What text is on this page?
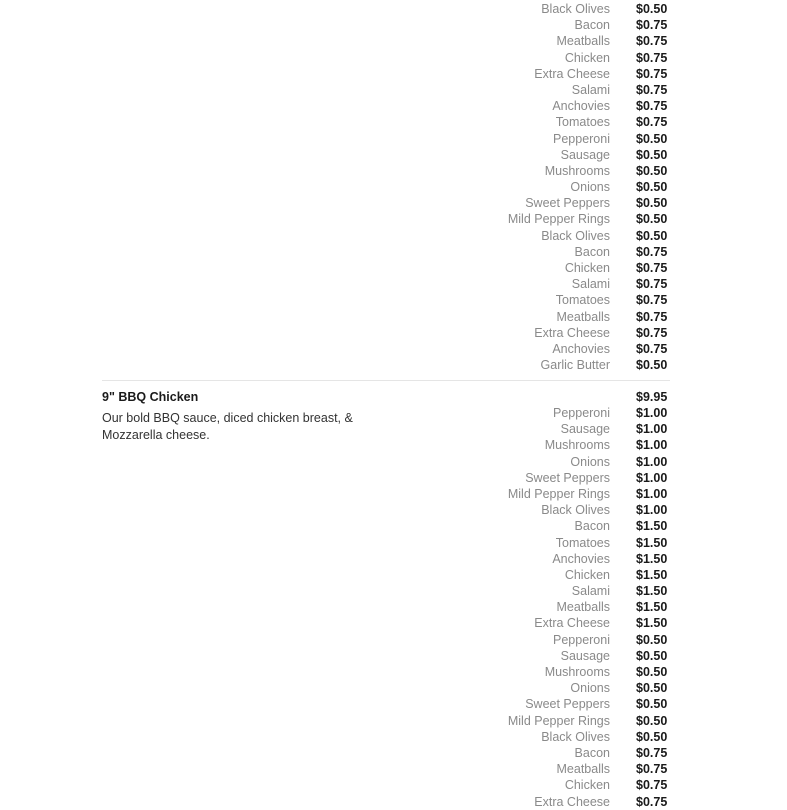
Black Olives $0.50
Bacon $0.75
Meatballs $0.75
Chicken $0.75
Extra Cheese $0.75
Salami $0.75
Anchovies $0.75
Tomatoes $0.75
Pepperoni $0.50
Sausage $0.50
Mushrooms $0.50
Onions $0.50
Sweet Peppers $0.50
Mild Pepper Rings $0.50
Black Olives $0.50
Bacon $0.75
Chicken $0.75
Salami $0.75
Tomatoes $0.75
Meatballs $0.75
Extra Cheese $0.75
Anchovies $0.75
Garlic Butter $0.50
9" BBQ Chicken	$9.95
Our bold BBQ sauce, diced chicken breast, & Mozzarella cheese.
Pepperoni $1.00
Sausage $1.00
Mushrooms $1.00
Onions $1.00
Sweet Peppers $1.00
Mild Pepper Rings $1.00
Black Olives $1.00
Bacon $1.50
Tomatoes $1.50
Anchovies $1.50
Chicken $1.50
Salami $1.50
Meatballs $1.50
Extra Cheese $1.50
Pepperoni $0.50
Sausage $0.50
Mushrooms $0.50
Onions $0.50
Sweet Peppers $0.50
Mild Pepper Rings $0.50
Black Olives $0.50
Bacon $0.75
Meatballs $0.75
Chicken $0.75
Extra Cheese $0.75
